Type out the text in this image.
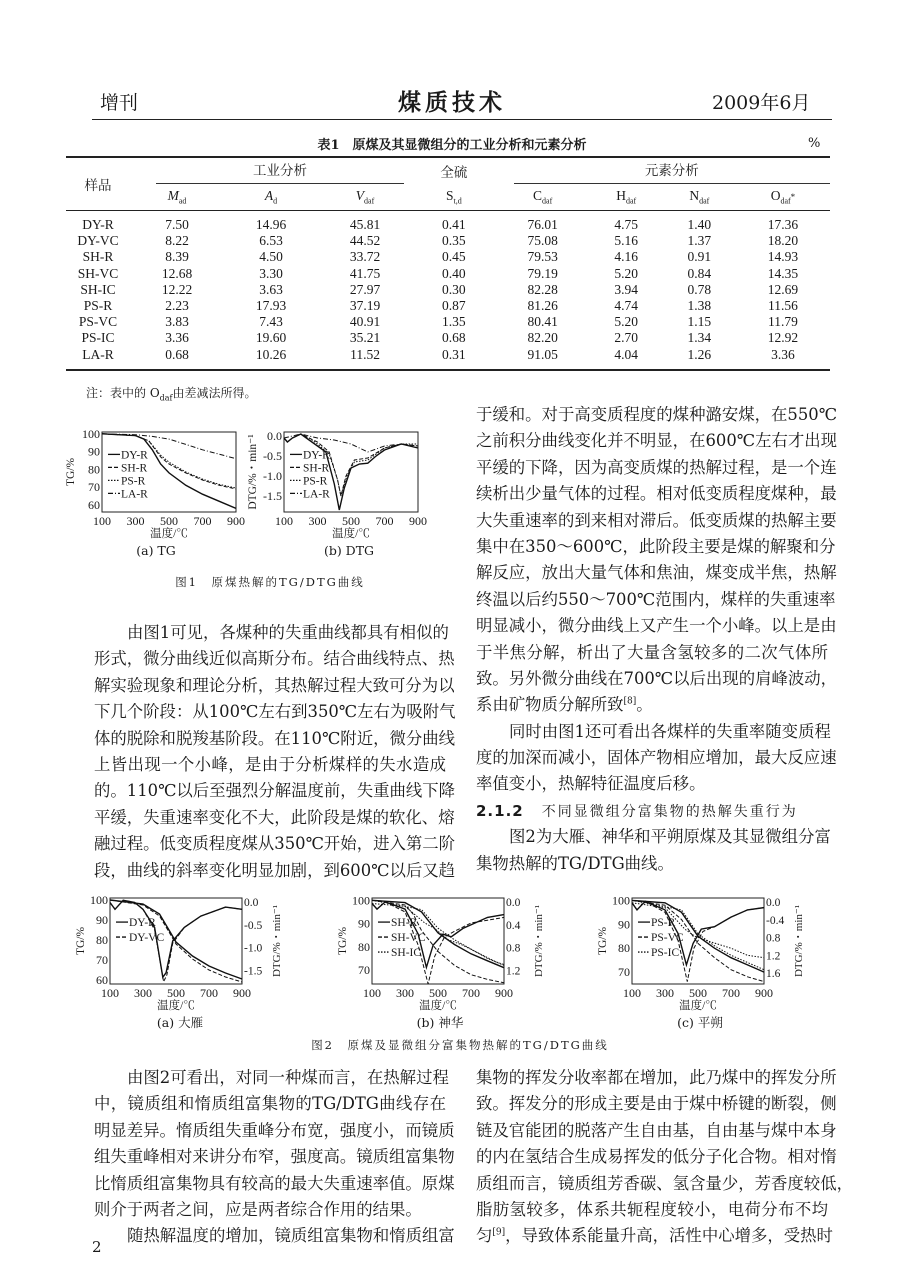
增刊	煤质技术	2009年6月
表1　原煤及其显微组分的工业分析和元素分析	%
样品	工业分析			全硫	元素分析			

	$M_{ad}$	$A_d$	$V_{daf}$	$S_{t,d}$	$C_{daf}$	$H_{daf}$	$N_{daf}$	$O_{daf}*$
DY-R	7.50	14.96	45.81	0.41	76.01	4.75	1.40	17.36
DY-VC	8.22	6.53	44.52	0.35	75.08	5.16	1.37	18.20
SH-R	8.39	4.50	33.72	0.45	79.53	4.16	0.91	14.93
SH-VC	12.68	3.30	41.75	0.40	79.19	5.20	0.84	14.35
SH-IC	12.22	3.63	27.97	0.30	82.28	3.94	0.78	12.69
PS-R	2.23	17.93	37.19	0.87	81.26	4.74	1.38	11.56
PS-VC	3.83	7.43	40.91	1.35	80.41	5.20	1.15	11.79
PS-IC	3.36	19.60	35.21	0.68	82.20	2.70	1.34	12.92
LA-R	0.68	10.26	11.52	0.31	91.05	4.04	1.26	3.36
注：表中的 $O_{daf}$由差减法所得。
100 300 500 700 900
温度/℃
100
90
80
70
60
TG/%
DY-R
SH-R
PS-R
LA-R
100 300 500 700 900
温度/℃
0.0
-0.5
-1.0
-1.5
DTG/%・min⁻¹	DY-R
SH-R
PS-R
LA-R
(a) TG	(b) DTG
图1　原煤热解的TG/DTG曲线
由图1可见，各煤种的失重曲线都具有相似的
形式，微分曲线近似高斯分布。结合曲线特点、热
解实验现象和理论分析，其热解过程大致可分为以
下几个阶段：从100℃左右到350℃左右为吸附气
体的脱除和脱羧基阶段。在110℃附近，微分曲线
上皆出现一个小峰，是由于分析煤样的失水造成
的。110℃以后至强烈分解温度前，失重曲线下降
平缓，失重速率变化不大，此阶段是煤的软化、熔
融过程。低变质程度煤从350℃开始，进入第二阶
段，曲线的斜率变化明显加剧，到600℃以后又趋
于缓和。对于高变质程度的煤种潞安煤，在550℃
之前积分曲线变化并不明显，在600℃左右才出现
平缓的下降，因为高变质煤的热解过程，是一个连
续析出少量气体的过程。相对低变质程度煤种，最
大失重速率的到来相对滞后。低变质煤的热解主要
集中在350～600℃，此阶段主要是煤的解聚和分
解反应，放出大量气体和焦油，煤变成半焦，热解
终温以后约550～700℃范围内，煤样的失重速率
明显减小，微分曲线上又产生一个小峰。以上是由
于半焦分解，析出了大量含氢较多的二次气体所
致。另外微分曲线在700℃以后出现的肩峰波动，
系由矿物质分解所致[8]。
同时由图1还可看出各煤样的失重率随变质程
度的加深而减小，固体产物相应增加，最大反应速
率值变小，热解特征温度后移。
2.1.2 不同显微组分富集物的热解失重行为
图2为大雁、神华和平朔原煤及其显微组分富
集物热解的TG/DTG曲线。
100 300 500 700 900
温度/℃
100
90
80
70
60
TG/%
0.0
-0.5
-1.0
-1.5 DTG/%・min⁻¹
DY-R
DY-VC
100 300 500 700 900
温度/℃
100
90
80
70
TG/%
0.0
0.4
0.8
1.2 DTG/%・min⁻¹
SH-R
SH-VC
SH-IC
100 300 500 700 900
温度/℃
100
90
80
70
TG/%
0.0
-0.4
0.8
1.2
1.6 DTG/%・min⁻¹
PS-R
PS-VC
PS-IC
(a) 大雁	(b) 神华	(c) 平朔
图2　原煤及显微组分富集物热解的TG/DTG曲线
由图2可看出，对同一种煤而言，在热解过程
中，镜质组和惰质组富集物的TG/DTG曲线存在
明显差异。惰质组失重峰分布宽，强度小，而镜质
组失重峰相对来讲分布窄，强度高。镜质组富集物
比惰质组富集物具有较高的最大失重速率值。原煤
则介于两者之间，应是两者综合作用的结果。
随热解温度的增加，镜质组富集物和惰质组富
集物的挥发分收率都在增加，此乃煤中的挥发分所
致。挥发分的形成主要是由于煤中桥键的断裂，侧
链及官能团的脱落产生自由基，自由基与煤中本身
的内在氢结合生成易挥发的低分子化合物。相对惰
质组而言，镜质组芳香碳、氢含量少，芳香度较低，
脂肪氢较多，体系共轭程度较小，电荷分布不均
匀[9]，导致体系能量升高，活性中心增多，受热时
2
